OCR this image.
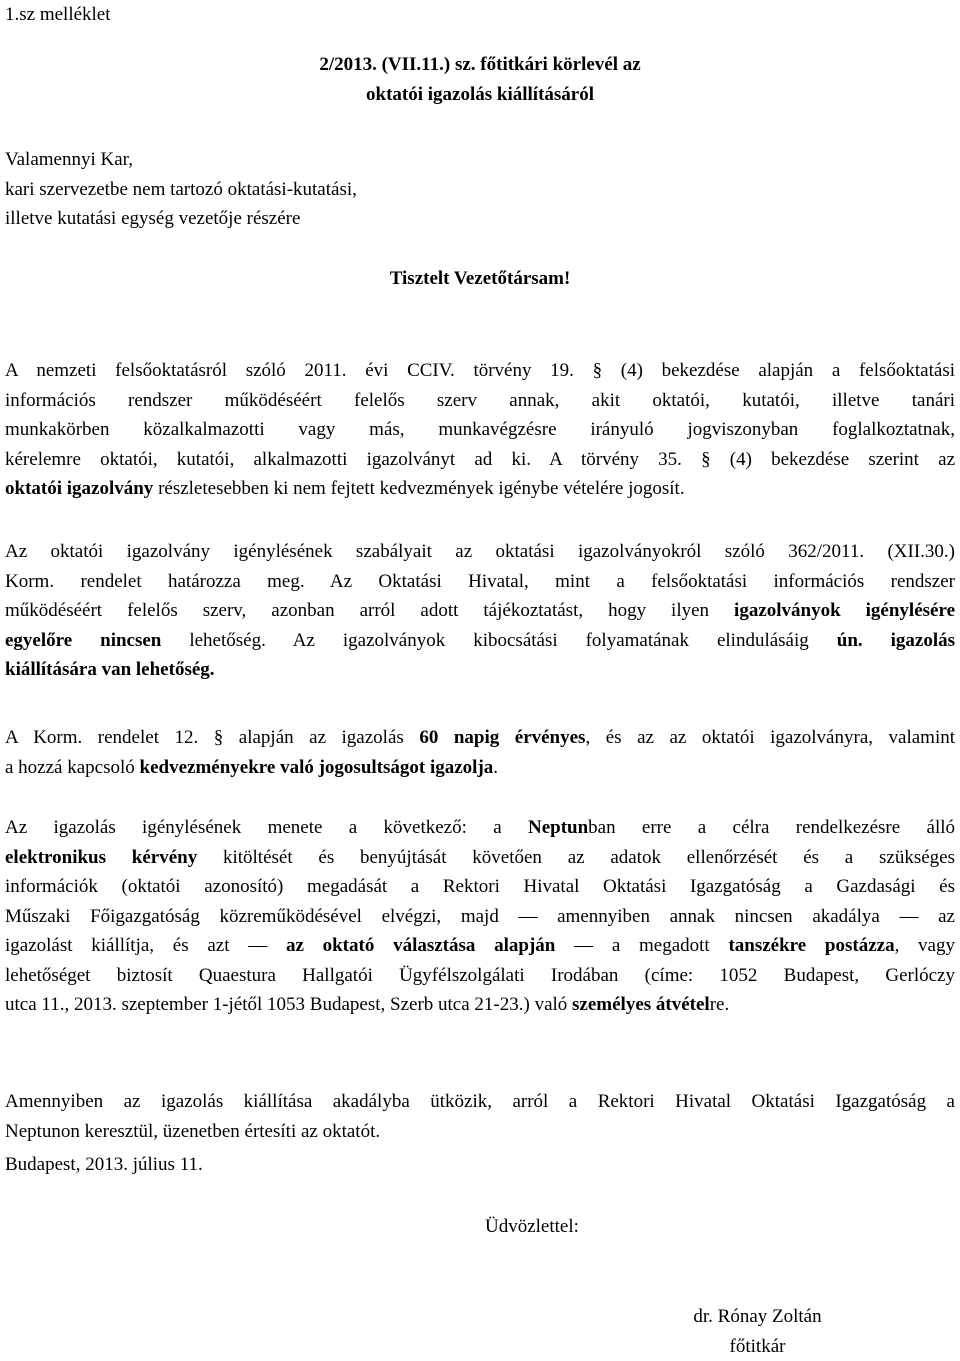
1.sz melléklet
2/2013. (VII.11.) sz. főtitkári körlevél az
oktatói igazolás kiállításáról
Valamennyi Kar,
kari szervezetbe nem tartozó oktatási-kutatási,
illetve kutatási egység vezetője részére
Tisztelt Vezetőtársam!
A nemzeti felsőoktatásról szóló 2011. évi CCIV. törvény 19. § (4) bekezdése alapján a felsőoktatási
információs rendszer működéséért felelős szerv annak, akit oktatói, kutatói, illetve tanári
munkakörben közalkalmazotti vagy más, munkavégzésre irányuló jogviszonyban foglalkoztatnak,
kérelemre oktatói, kutatói, alkalmazotti igazolványt ad ki. A törvény 35. § (4) bekezdése szerint az
oktatói igazolvány részletesebben ki nem fejtett kedvezmények igénybe vételére jogosít.
Az oktatói igazolvány igénylésének szabályait az oktatási igazolványokról szóló 362/2011. (XII.30.)
Korm. rendelet határozza meg. Az Oktatási Hivatal, mint a felsőoktatási információs rendszer
működéséért felelős szerv, azonban arról adott tájékoztatást, hogy ilyen igazolványok igénylésére
egyelőre nincsen lehetőség. Az igazolványok kibocsátási folyamatának elindulásáig ún. igazolás
kiállítására van lehetőség.
A Korm. rendelet 12. § alapján az igazolás 60 napig érvényes, és az az oktatói igazolványra, valamint
a hozzá kapcsoló kedvezményekre való jogosultságot igazolja.
Az igazolás igénylésének menete a következő: a Neptunban erre a célra rendelkezésre álló
elektronikus kérvény kitöltését és benyújtását követően az adatok ellenőrzését és a szükséges
információk (oktatói azonosító) megadását a Rektori Hivatal Oktatási Igazgatóság a Gazdasági és
Műszaki Főigazgatóság közreműködésével elvégzi, majd — amennyiben annak nincsen akadálya — az
igazolást kiállítja, és azt — az oktató választása alapján — a megadott tanszékre postázza, vagy
lehetőséget biztosít Quaestura Hallgatói Ügyfélszolgálati Irodában (címe: 1052 Budapest, Gerlóczy
utca 11., 2013. szeptember 1-jétől 1053 Budapest, Szerb utca 21-23.) való személyes átvételre.
Amennyiben az igazolás kiállítása akadályba ütközik, arról a Rektori Hivatal Oktatási Igazgatóság a
Neptunon keresztül, üzenetben értesíti az oktatót.
Budapest, 2013. július 11.
Üdvözlettel:
dr. Rónay Zoltán
főtitkár
